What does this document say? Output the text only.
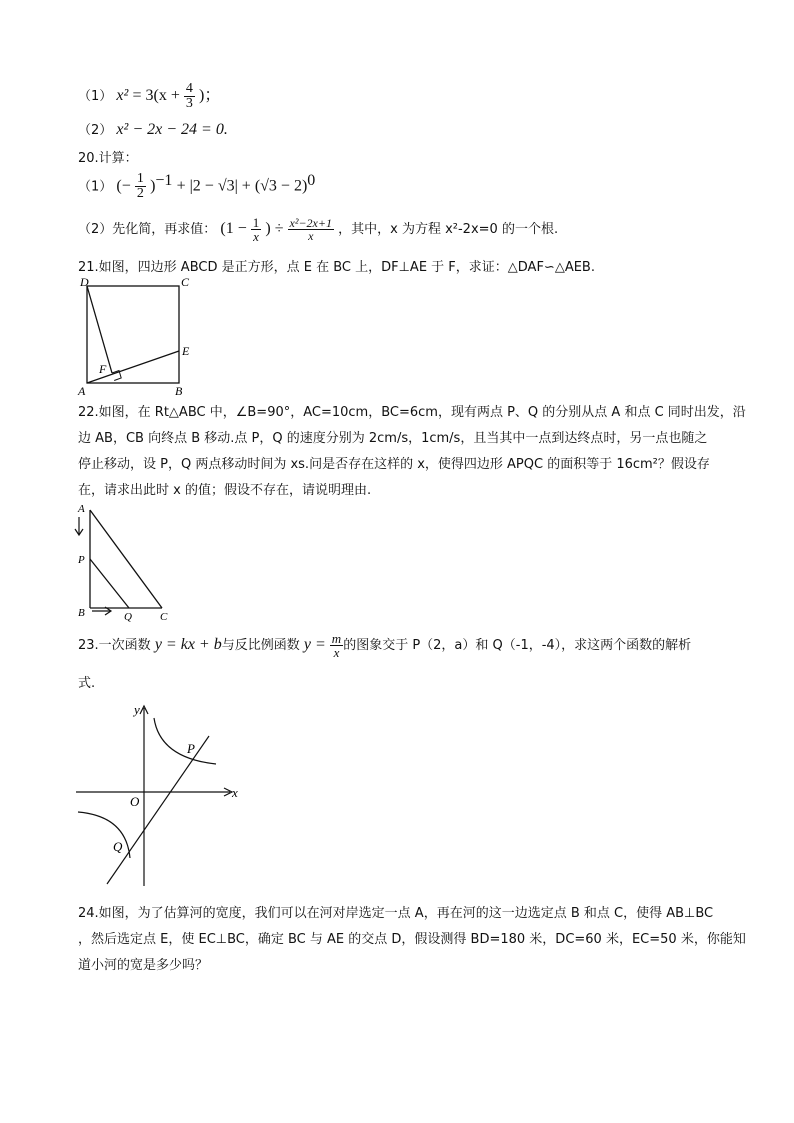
（1） $x^2 = 3(x + \frac{4}{3}$ )；
（2） x² − 2x − 24 = 0.
20.计算：
（1） (− $\frac{1}{2} )^{-1} + |2 - √3| + (√3 - 2)^0$
（2）先化简，再求值： ($1 - \frac{1}{x}$ ) ÷ $\frac{\text{x²−2x+1}}{x}$ ，其中，x 为方程 x²-2x=0 的一个根.
21.如图，四边形 ABCD 是正方形，点 E 在 BC 上，DF⊥AE 于 F，求证：△DAF∽△AEB.
D	C
E
F
A	B
22.如图，在 Rt△ABC 中，∠B=90°，AC=10cm，BC=6cm，现有两点 P、Q 的分别从点 A 和点 C 同时出发，沿
边 AB，CB 向终点 B 移动.点 P，Q 的速度分别为 2cm/s，1cm/s，且当其中一点到达终点时，另一点也随之
停止移动，设 P，Q 两点移动时间为 xs.问是否存在这样的 x，使得四边形 APQC 的面积等于 16cm²？假设存
在，请求出此时 x 的值；假设不存在，请说明理由.
A
P
B	Q	C
23.一次函数 y = kx + b与反比例函数 $y = \frac{m}{x}$ 的图象交于 P（2，a）和 Q（-1，-4），求这两个函数的解析
式.
y
x
O
P
Q
24.如图，为了估算河的宽度，我们可以在河对岸选定一点 A，再在河的这一边选定点 B 和点 C，使得 AB⊥BC
，然后选定点 E，使 EC⊥BC，确定 BC 与 AE 的交点 D，假设测得 BD=180 米，DC=60 米，EC=50 米，你能知
道小河的宽是多少吗？
